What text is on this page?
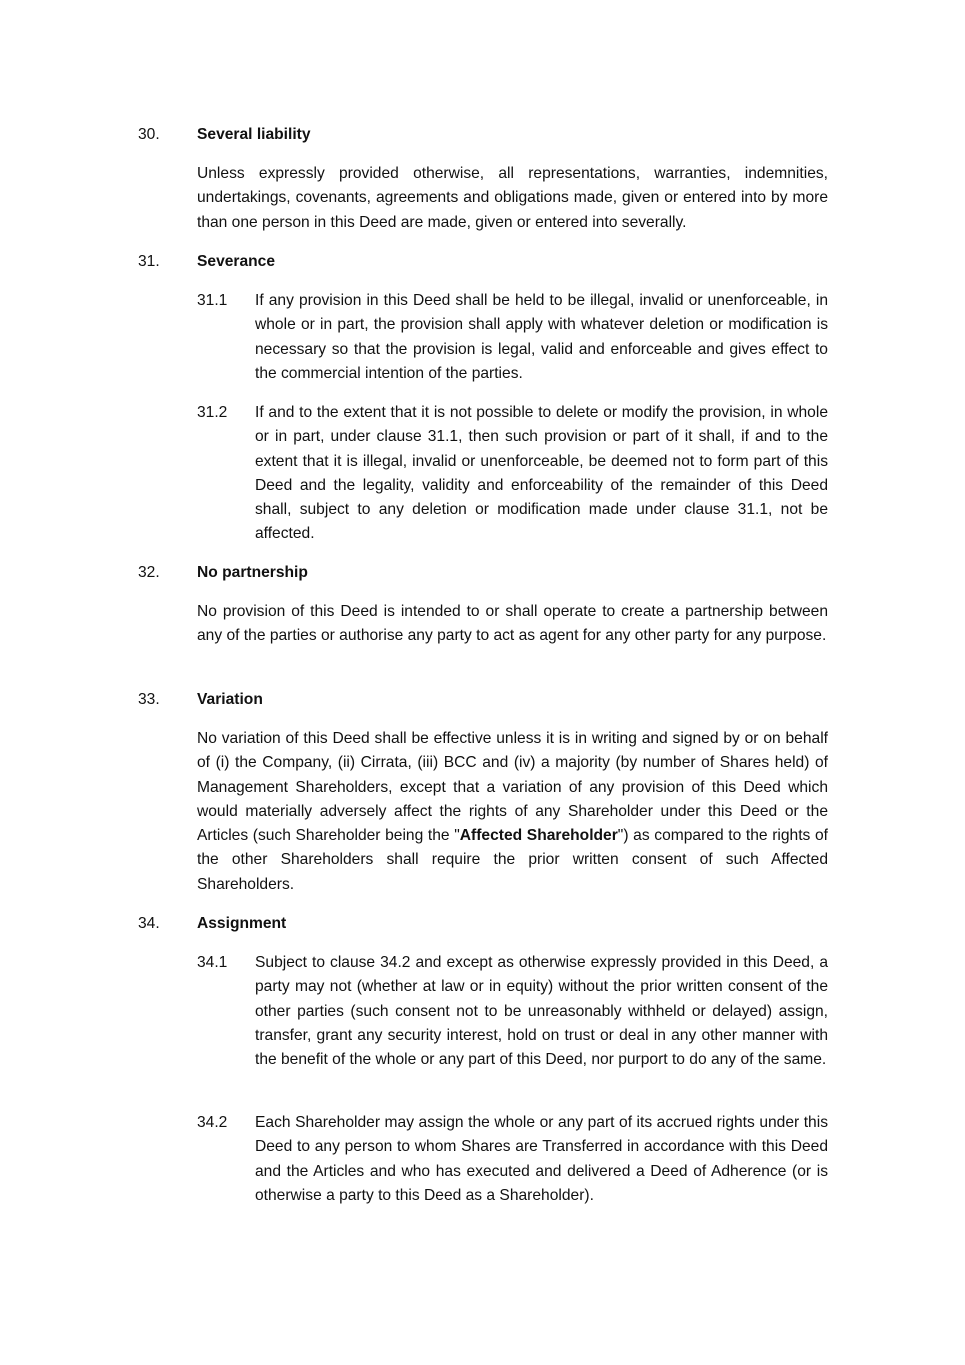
30. Several liability

Unless expressly provided otherwise, all representations, warranties, indemnities, undertakings, covenants, agreements and obligations made, given or entered into by more than one person in this Deed are made, given or entered into severally.

31. Severance
31.1 If any provision in this Deed shall be held to be illegal, invalid or unenforceable, in whole or in part, the provision shall apply with whatever deletion or modification is necessary so that the provision is legal, valid and enforceable and gives effect to the commercial intention of the parties.

31.2 If and to the extent that it is not possible to delete or modify the provision, in whole or in part, under clause 31.1, then such provision or part of it shall, if and to the extent that it is illegal, invalid or unenforceable, be deemed not to form part of this Deed and the legality, validity and enforceability of the remainder of this Deed shall, subject to any deletion or modification made under clause 31.1, not be affected.

32. No partnership

No provision of this Deed is intended to or shall operate to create a partnership between any of the parties or authorise any party to act as agent for any other party for any purpose.

33. Variation

No variation of this Deed shall be effective unless it is in writing and signed by or on behalf of (i) the Company, (ii) Cirrata, (iii) BCC and (iv) a majority (by number of Shares held) of Management Shareholders, except that a variation of any provision of this Deed which would materially adversely affect the rights of any Shareholder under this Deed or the Articles (such Shareholder being the "Affected Shareholder") as compared to the rights of the other Shareholders shall require the prior written consent of such Affected Shareholders.

34. Assignment
34.1 Subject to clause 34.2 and except as otherwise expressly provided in this Deed, a party may not (whether at law or in equity) without the prior written consent of the other parties (such consent not to be unreasonably withheld or delayed) assign, transfer, grant any security interest, hold on trust or deal in any other manner with the benefit of the whole or any part of this Deed, nor purport to do any of the same.

34.2 Each Shareholder may assign the whole or any part of its accrued rights under this Deed to any person to whom Shares are Transferred in accordance with this Deed and the Articles and who has executed and delivered a Deed of Adherence (or is otherwise a party to this Deed as a Shareholder).
